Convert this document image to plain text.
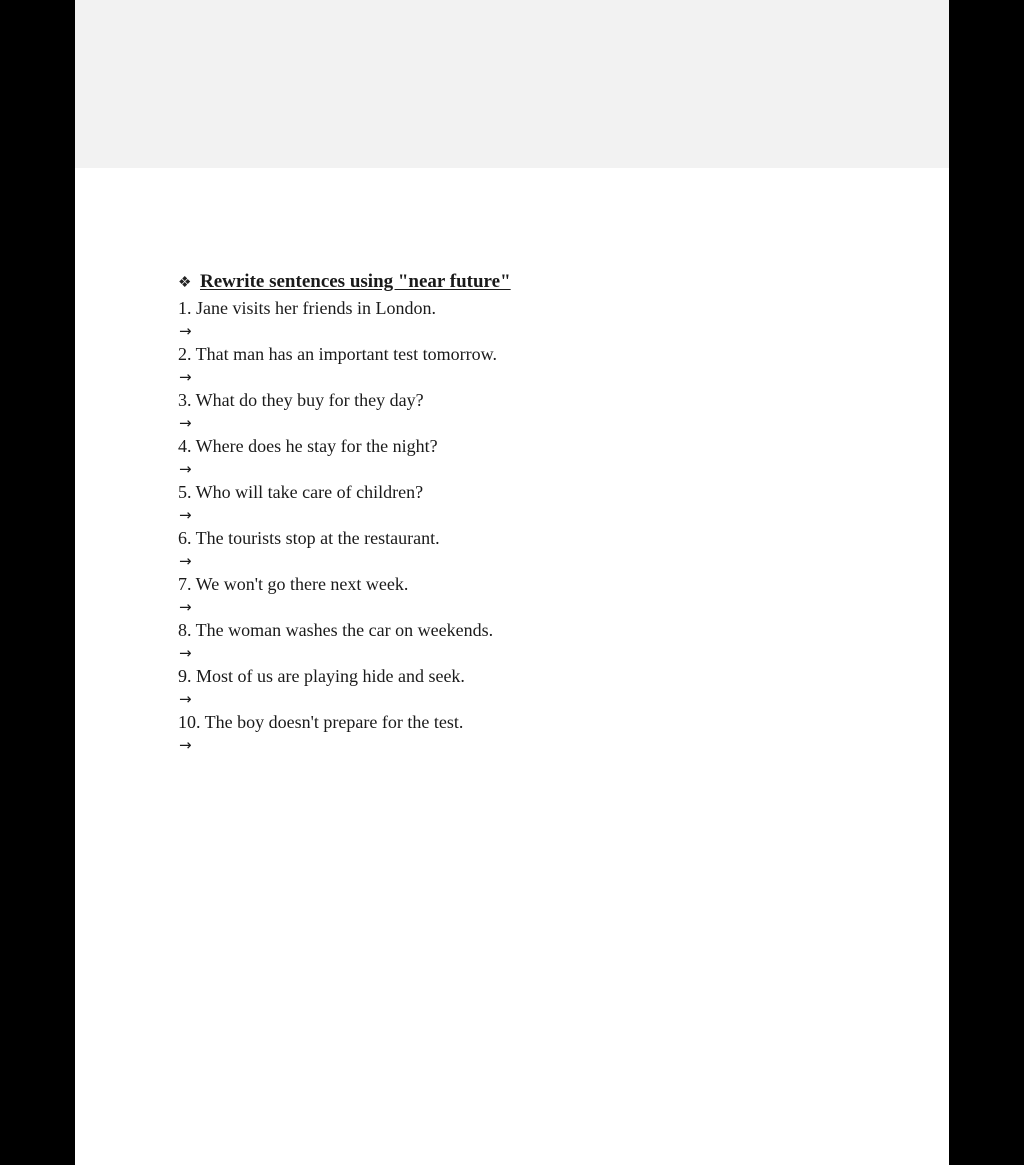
❖ Rewrite sentences using "near future"
1. Jane visits her friends in London.
→
2. That man has an important test tomorrow.
→
3. What do they buy for they day?
→
4. Where does he stay for the night?
→
5. Who will take care of children?
→
6. The tourists stop at the restaurant.
→
7. We won't go there next week.
→
8. The woman washes the car on weekends.
→
9. Most of us are playing hide and seek.
→
10. The boy doesn't prepare for the test.
→
